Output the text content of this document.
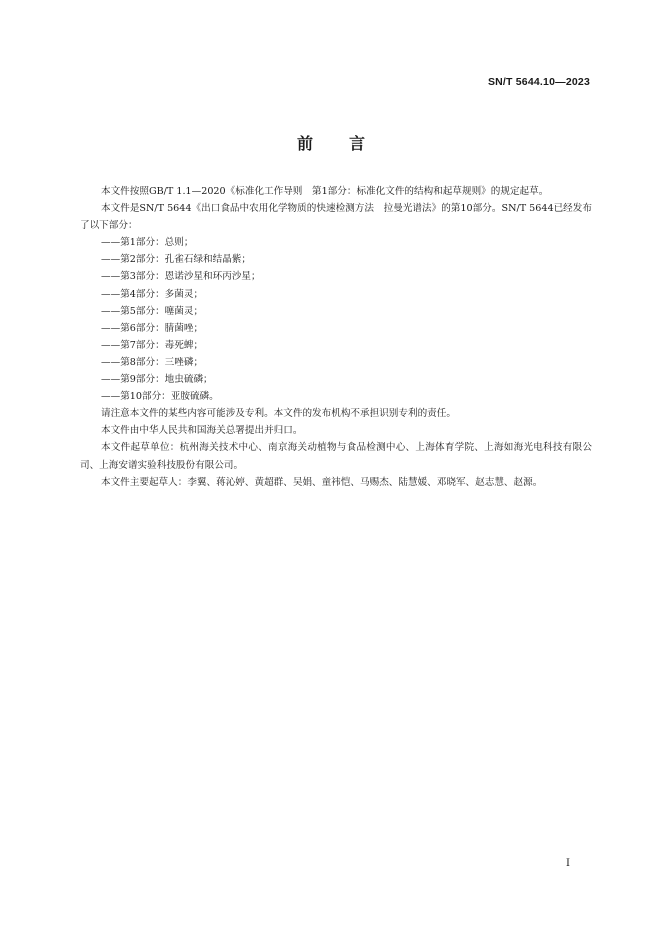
SN/T 5644.10—2023
前言

本文件按照GB/T 1.1—2020《标准化工作导则　第1部分：标准化文件的结构和起草规则》的规定起草。

本文件是SN/T 5644《出口食品中农用化学物质的快速检测方法　拉曼光谱法》的第10部分。SN/T 5644已经发布了以下部分：

——第1部分：总则；

——第2部分：孔雀石绿和结晶紫；

——第3部分：恩诺沙星和环丙沙星；

——第4部分：多菌灵；

——第5部分：噻菌灵；

——第6部分：腈菌唑；

——第7部分：毒死蜱；

——第8部分：三唑磷；

——第9部分：地虫硫磷；

——第10部分：亚胺硫磷。

请注意本文件的某些内容可能涉及专利。本文件的发布机构不承担识别专利的责任。

本文件由中华人民共和国海关总署提出并归口。

本文件起草单位：杭州海关技术中心、南京海关动植物与食品检测中心、上海体育学院、上海如海光电科技有限公司、上海安谱实验科技股份有限公司。

本文件主要起草人：李翼、蒋沁婷、黄超群、吴娟、童祎恺、马赐杰、陆慧媛、邓晓军、赵志慧、赵源。

I
